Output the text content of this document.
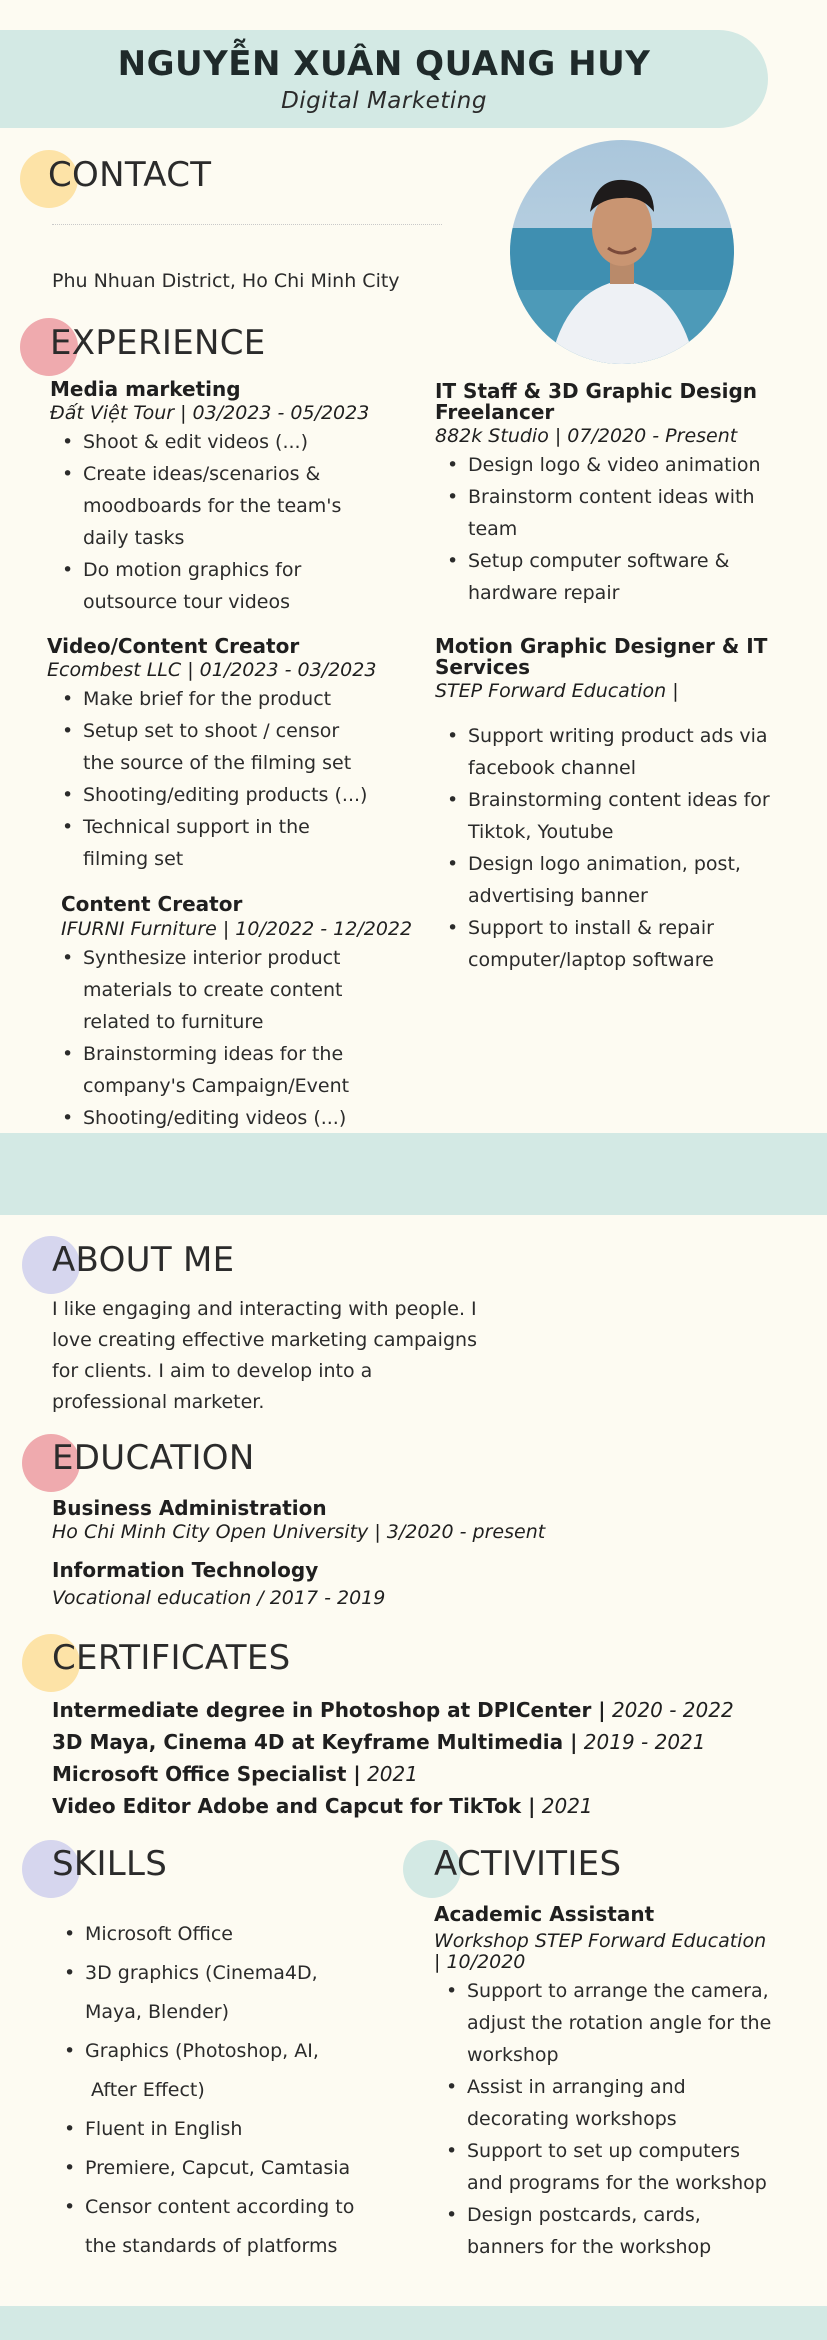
NGUYỄN XUÂN QUANG HUY
Digital Marketing
CONTACT
Phu Nhuan District, Ho Chi Minh City
EXPERIENCE
Media marketing
Đất Việt Tour | 03/2023 - 05/2023
• Shoot & edit videos (...)
• Create ideas/scenarios &
moodboards for the team's
daily tasks
• Do motion graphics for
outsource tour videos
Video/Content Creator
Ecombest LLC | 01/2023 - 03/2023
• Make brief for the product
• Setup set to shoot / censor
the source of the filming set
• Shooting/editing products (...)
• Technical support in the
filming set
Content Creator
IFURNI Furniture | 10/2022 - 12/2022
• Synthesize interior product
materials to create content
related to furniture
• Brainstorming ideas for the
company's Campaign/Event
• Shooting/editing videos (...)
IT Staff & 3D Graphic Design
Freelancer
882k Studio | 07/2020 - Present
• Design logo & video animation
• Brainstorm content ideas with
team
• Setup computer software &
hardware repair
Motion Graphic Designer & IT
Services
STEP Forward Education |
• Support writing product ads via
facebook channel
• Brainstorming content ideas for
Tiktok, Youtube
• Design logo animation, post,
advertising banner
• Support to install & repair
computer/laptop software
ABOUT ME
I like engaging and interacting with people. I
love creating effective marketing campaigns
for clients. I aim to develop into a
professional marketer.
EDUCATION
Business Administration
Ho Chi Minh City Open University | 3/2020 - present
Information Technology
Vocational education / 2017 - 2019
CERTIFICATES
Intermediate degree in Photoshop at DPICenter | 2020 - 2022
3D Maya, Cinema 4D at Keyframe Multimedia | 2019 - 2021
Microsoft Office Specialist | 2021
Video Editor Adobe and Capcut for TikTok | 2021
SKILLS
• Microsoft Office
• 3D graphics (Cinema4D,
Maya, Blender)
• Graphics (Photoshop, AI,
After Effect)
• Fluent in English
• Premiere, Capcut, Camtasia
• Censor content according to
the standards of platforms
ACTIVITIES
Academic Assistant
Workshop STEP Forward Education
| 10/2020
• Support to arrange the camera,
adjust the rotation angle for the
workshop
• Assist in arranging and
decorating workshops
• Support to set up computers
and programs for the workshop
• Design postcards, cards,
banners for the workshop
